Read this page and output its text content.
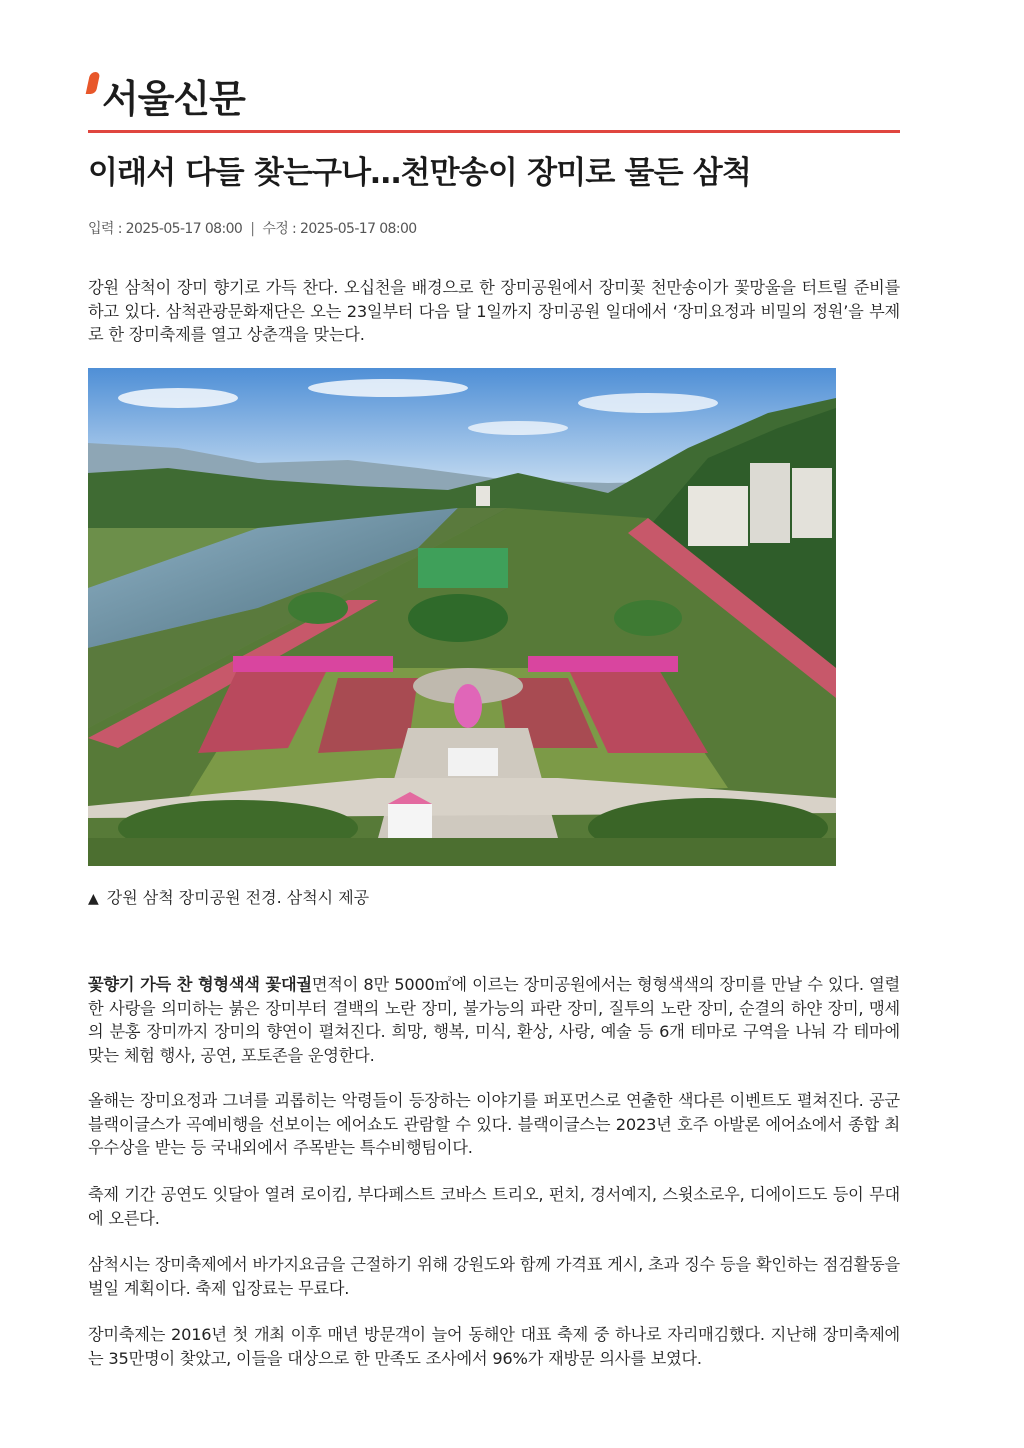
서울신문
이래서 다들 찾는구나…천만송이 장미로 물든 삼척
입력 : 2025-05-17 08:00 | 수정 : 2025-05-17 08:00

강원 삼척이 장미 향기로 가득 찬다. 오십천을 배경으로 한 장미공원에서 장미꽃 천만송이가 꽃망울을 터트릴 준비를 하고 있다. 삼척관광문화재단은 오는 23일부터 다음 달 1일까지 장미공원 일대에서 ‘장미요정과 비밀의 정원’을 부제로 한 장미축제를 열고 상춘객을 맞는다.

▲ 강원 삼척 장미공원 전경. 삼척시 제공

꽃향기 가득 찬 형형색색 꽃대궐면적이 8만 5000㎡에 이르는 장미공원에서는 형형색색의 장미를 만날 수 있다. 열렬한 사랑을 의미하는 붉은 장미부터 결백의 노란 장미, 불가능의 파란 장미, 질투의 노란 장미, 순결의 하얀 장미, 맹세의 분홍 장미까지 장미의 향연이 펼쳐진다. 희망, 행복, 미식, 환상, 사랑, 예술 등 6개 테마로 구역을 나눠 각 테마에 맞는 체험 행사, 공연, 포토존을 운영한다.

올해는 장미요정과 그녀를 괴롭히는 악령들이 등장하는 이야기를 퍼포먼스로 연출한 색다른 이벤트도 펼쳐진다. 공군 블랙이글스가 곡예비행을 선보이는 에어쇼도 관람할 수 있다. 블랙이글스는 2023년 호주 아발론 에어쇼에서 종합 최우수상을 받는 등 국내외에서 주목받는 특수비행팀이다.

축제 기간 공연도 잇달아 열려 로이킴, 부다페스트 코바스 트리오, 펀치, 경서예지, 스윗소로우, 디에이드도 등이 무대에 오른다.

삼척시는 장미축제에서 바가지요금을 근절하기 위해 강원도와 함께 가격표 게시, 초과 징수 등을 확인하는 점검활동을 벌일 계획이다. 축제 입장료는 무료다.

장미축제는 2016년 첫 개최 이후 매년 방문객이 늘어 동해안 대표 축제 중 하나로 자리매김했다. 지난해 장미축제에는 35만명이 찾았고, 이들을 대상으로 한 만족도 조사에서 96%가 재방문 의사를 보였다.
